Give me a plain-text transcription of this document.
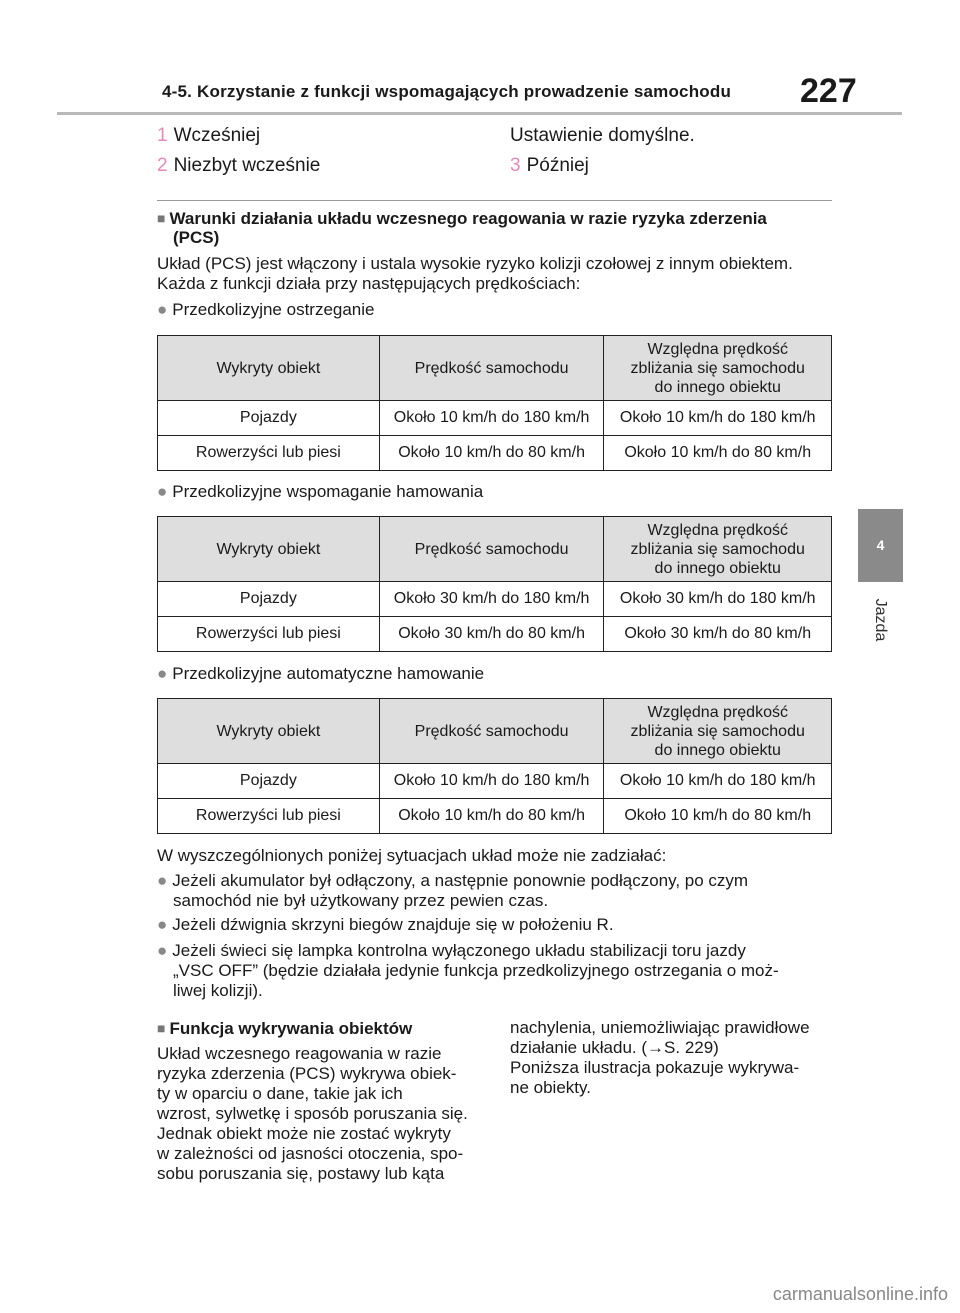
4-5. Korzystanie z funkcji wspomagających prowadzenie samochodu 227
4
Jazda
1 Wcześniej
2 Niezbyt wcześnie
Ustawienie domyślne.
3 Później
■ Warunki działania układu wczesnego reagowania w razie ryzyka zderzenia
(PCS)
Układ (PCS) jest włączony i ustala wysokie ryzyko kolizji czołowej z innym obiektem.
Każda z funkcji działa przy następujących prędkościach:
● Przedkolizyjne ostrzeganie
Wykryty obiekt	Prędkość samochodu	Względna prędkość
zbliżania się samochodu
do innego obiektu

Pojazdy	Około 10 km/h do 180 km/h	Około 10 km/h do 180 km/h
Rowerzyści lub piesi	Około 10 km/h do 80 km/h	Około 10 km/h do 80 km/h
● Przedkolizyjne wspomaganie hamowania
Wykryty obiekt	Prędkość samochodu	Względna prędkość
zbliżania się samochodu
do innego obiektu

Pojazdy	Około 30 km/h do 180 km/h	Około 30 km/h do 180 km/h
Rowerzyści lub piesi	Około 30 km/h do 80 km/h	Około 30 km/h do 80 km/h
● Przedkolizyjne automatyczne hamowanie
Wykryty obiekt	Prędkość samochodu	Względna prędkość
zbliżania się samochodu
do innego obiektu

Pojazdy	Około 10 km/h do 180 km/h	Około 10 km/h do 180 km/h
Rowerzyści lub piesi	Około 10 km/h do 80 km/h	Około 10 km/h do 80 km/h
W wyszczególnionych poniżej sytuacjach układ może nie zadziałać:
● Jeżeli akumulator był odłączony, a następnie ponownie podłączony, po czym
samochód nie był użytkowany przez pewien czas.
● Jeżeli dźwignia skrzyni biegów znajduje się w położeniu R.
● Jeżeli świeci się lampka kontrolna wyłączonego układu stabilizacji toru jazdy
„VSC OFF” (będzie działała jedynie funkcja przedkolizyjnego ostrzegania o moż-
liwej kolizji).
■ Funkcja wykrywania obiektów
Układ wczesnego reagowania w razie
ryzyka zderzenia (PCS) wykrywa obiek-
ty w oparciu o dane, takie jak ich
wzrost, sylwetkę i sposób poruszania się.
Jednak obiekt może nie zostać wykryty
w zależności od jasności otoczenia, spo-
sobu poruszania się, postawy lub kąta
nachylenia, uniemożliwiając prawidłowe
działanie układu. (→S. 229)
Poniższa ilustracja pokazuje wykrywa-
ne obiekty.
carmanualsonline.info
